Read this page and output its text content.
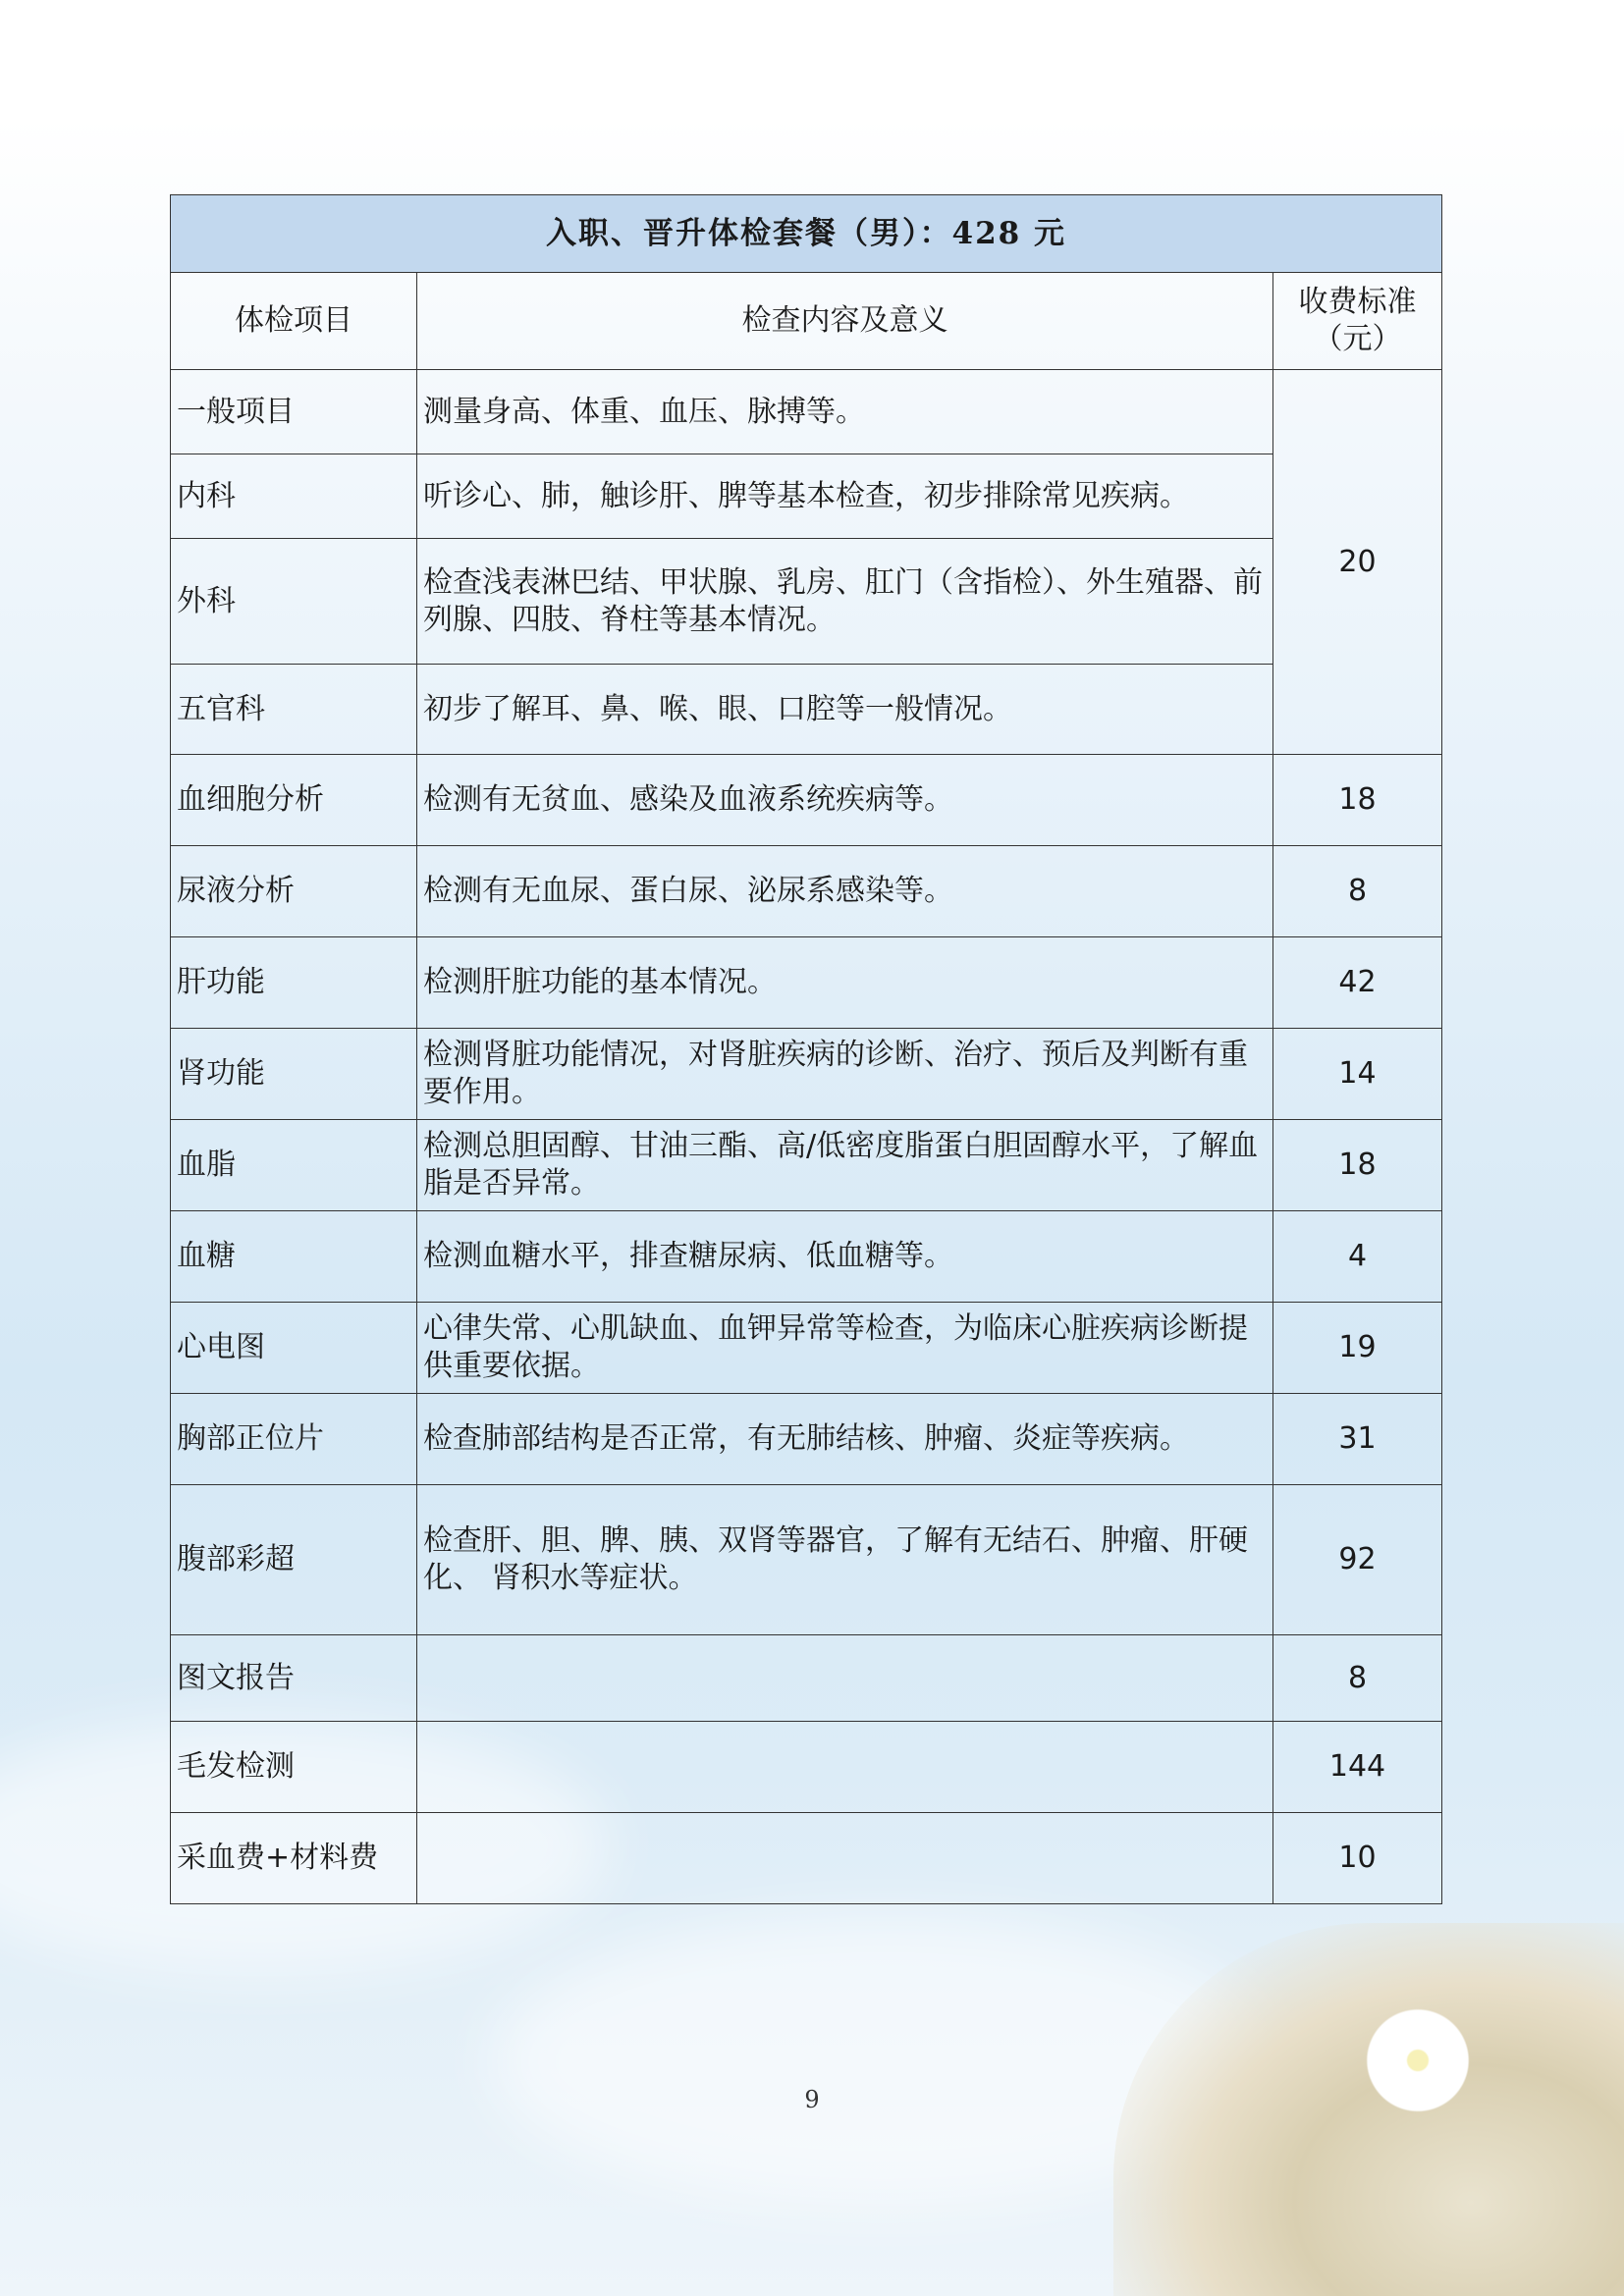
入职、晋升体检套餐（男）：428 元		
体检项目	检查内容及意义	收费标准
（元）
一般项目	测量身高、体重、血压、脉搏等。	20
内科	听诊心、肺，触诊肝、脾等基本检查，初步排除常见疾病。	
外科	检查浅表淋巴结、甲状腺、乳房、肛门（含指检）、外生殖器、前列腺、四肢、脊柱等基本情况。	
五官科	初步了解耳、鼻、喉、眼、口腔等一般情况。	
血细胞分析	检测有无贫血、感染及血液系统疾病等。	18
尿液分析	检测有无血尿、蛋白尿、泌尿系感染等。	8
肝功能	检测肝脏功能的基本情况。	42
肾功能	检测肾脏功能情况，对肾脏疾病的诊断、治疗、预后及判断有重要作用。	14
血脂	检测总胆固醇、甘油三酯、高/低密度脂蛋白胆固醇水平，了解血脂是否异常。	18
血糖	检测血糖水平，排查糖尿病、低血糖等。	4
心电图	心律失常、心肌缺血、血钾异常等检查，为临床心脏疾病诊断提供重要依据。	19
胸部正位片	检查肺部结构是否正常，有无肺结核、肿瘤、炎症等疾病。	31
腹部彩超	检查肝、胆、脾、胰、双肾等器官，了解有无结石、肿瘤、肝硬化、 肾积水等症状。	92
图文报告		8
毛发检测		144
采血费+材料费		10
9
